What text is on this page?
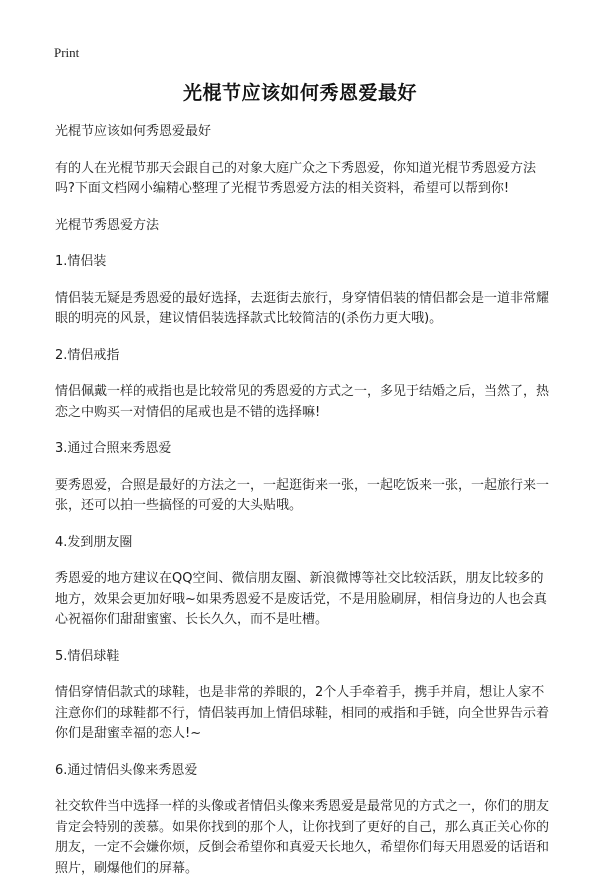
Print
光棍节应该如何秀恩爱最好

光棍节应该如何秀恩爱最好

有的人在光棍节那天会跟自己的对象大庭广众之下秀恩爱，你知道光棍节秀恩爱方法吗?下面文档网小编精心整理了光棍节秀恩爱方法的相关资料，希望可以帮到你!

光棍节秀恩爱方法

1.情侣装

情侣装无疑是秀恩爱的最好选择，去逛街去旅行，身穿情侣装的情侣都会是一道非常耀眼的明亮的风景，建议情侣装选择款式比较简洁的(杀伤力更大哦)。

2.情侣戒指

情侣佩戴一样的戒指也是比较常见的秀恩爱的方式之一，多见于结婚之后，当然了，热恋之中购买一对情侣的尾戒也是不错的选择嘛!

3.通过合照来秀恩爱

要秀恩爱，合照是最好的方法之一，一起逛街来一张，一起吃饭来一张，一起旅行来一张，还可以拍一些搞怪的可爱的大头贴哦。

4.发到朋友圈

秀恩爱的地方建议在QQ空间、微信朋友圈、新浪微博等社交比较活跃，朋友比较多的地方，效果会更加好哦~如果秀恩爱不是废话党，不是用脸刷屏，相信身边的人也会真心祝福你们甜甜蜜蜜、长长久久，而不是吐槽。

5.情侣球鞋

情侣穿情侣款式的球鞋，也是非常的养眼的，2个人手牵着手，携手并肩，想让人家不注意你们的球鞋都不行，情侣装再加上情侣球鞋，相同的戒指和手链，向全世界告示着你们是甜蜜幸福的恋人!~

6.通过情侣头像来秀恩爱

社交软件当中选择一样的头像或者情侣头像来秀恩爱是最常见的方式之一，你们的朋友肯定会特别的羡慕。如果你找到的那个人，让你找到了更好的自己，那么真正关心你的朋友，一定不会嫌你烦，反倒会希望你和真爱天长地久，希望你们每天用恩爱的话语和照片，刷爆他们的屏幕。
